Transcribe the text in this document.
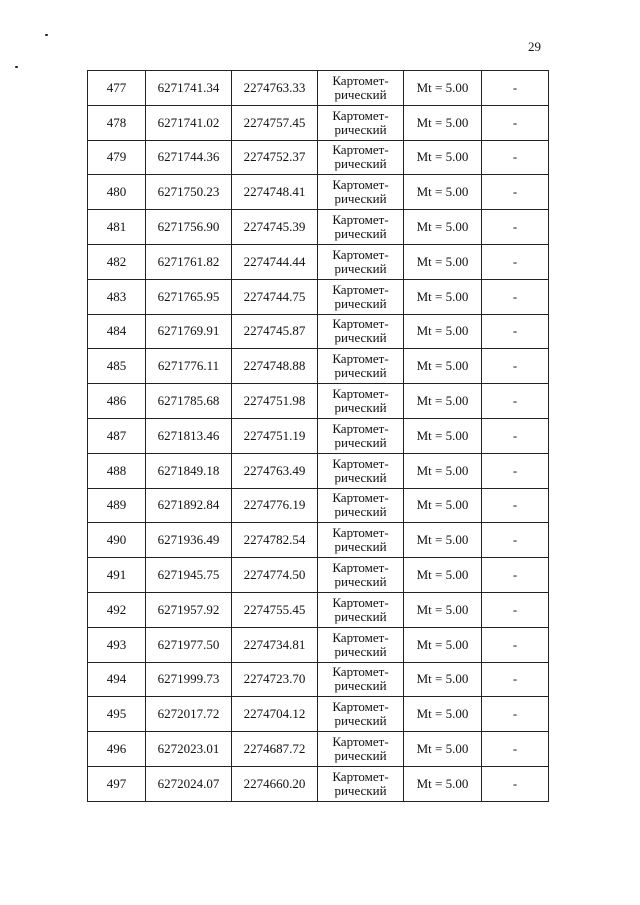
29
477	6271741.34	2274763.33	Картомет-
рический	Mt = 5.00	-
478	6271741.02	2274757.45	Картомет-
рический	Mt = 5.00	-
479	6271744.36	2274752.37	Картомет-
рический	Mt = 5.00	-
480	6271750.23	2274748.41	Картомет-
рический	Mt = 5.00	-
481	6271756.90	2274745.39	Картомет-
рический	Mt = 5.00	-
482	6271761.82	2274744.44	Картомет-
рический	Mt = 5.00	-
483	6271765.95	2274744.75	Картомет-
рический	Mt = 5.00	-
484	6271769.91	2274745.87	Картомет-
рический	Mt = 5.00	-
485	6271776.11	2274748.88	Картомет-
рический	Mt = 5.00	-
486	6271785.68	2274751.98	Картомет-
рический	Mt = 5.00	-
487	6271813.46	2274751.19	Картомет-
рический	Mt = 5.00	-
488	6271849.18	2274763.49	Картомет-
рический	Mt = 5.00	-
489	6271892.84	2274776.19	Картомет-
рический	Mt = 5.00	-
490	6271936.49	2274782.54	Картомет-
рический	Mt = 5.00	-
491	6271945.75	2274774.50	Картомет-
рический	Mt = 5.00	-
492	6271957.92	2274755.45	Картомет-
рический	Mt = 5.00	-
493	6271977.50	2274734.81	Картомет-
рический	Mt = 5.00	-
494	6271999.73	2274723.70	Картомет-
рический	Mt = 5.00	-
495	6272017.72	2274704.12	Картомет-
рический	Mt = 5.00	-
496	6272023.01	2274687.72	Картомет-
рический	Mt = 5.00	-
497	6272024.07	2274660.20	Картомет-
рический	Mt = 5.00	-
